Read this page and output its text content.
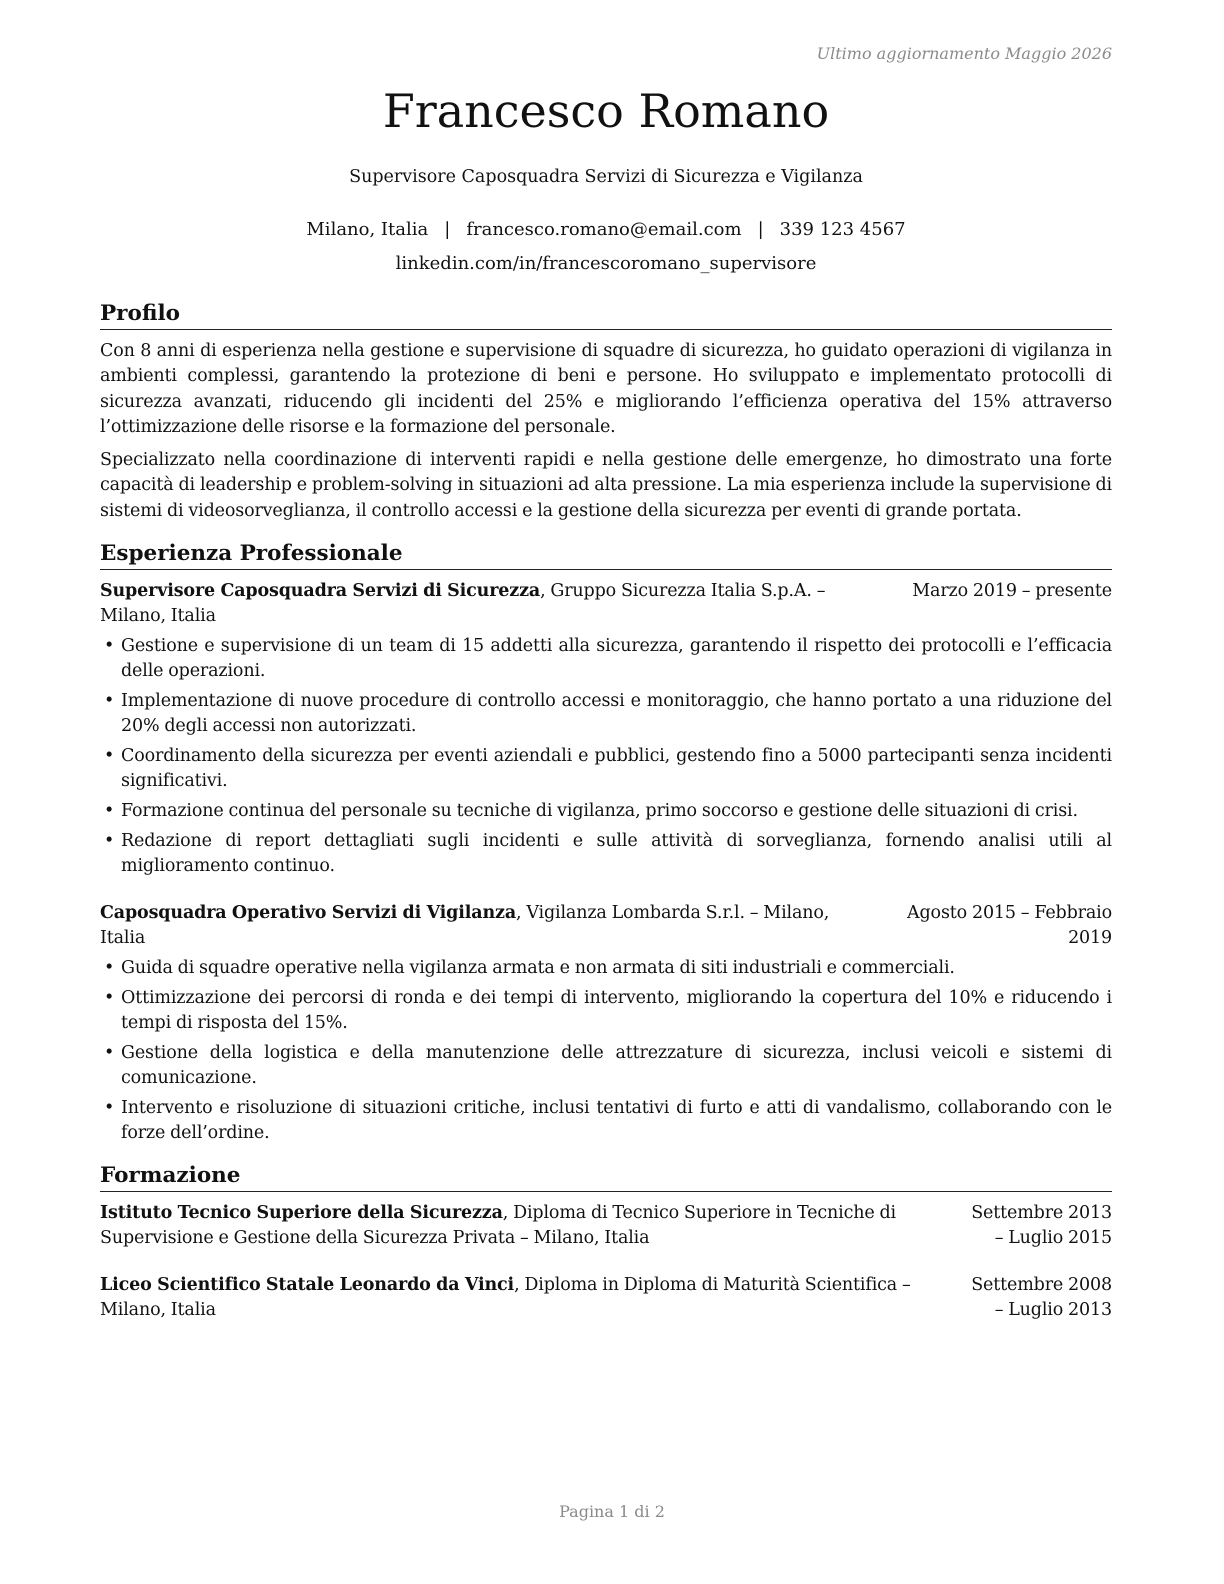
Ultimo aggiornamento Maggio 2026
Francesco Romano
Supervisore Caposquadra Servizi di Sicurezza e Vigilanza
Milano, Italia | francesco.romano@email.com | 339 123 4567
linkedin.com/in/francescoromano_supervisore
Profilo

Con 8 anni di esperienza nella gestione e supervisione di squadre di sicurezza, ho guidato operazioni di vigilanza in ambienti complessi, garantendo la protezione di beni e persone. Ho sviluppato e implementato protocolli di sicurezza avanzati, riducendo gli incidenti del 25% e migliorando l’efficienza operativa del 15% attraverso l’ottimizzazione delle risorse e la formazione del personale.

Specializzato nella coordinazione di interventi rapidi e nella gestione delle emergenze, ho dimostrato una forte capacità di leadership e problem-solving in situazioni ad alta pressione. La mia esperienza include la supervisione di sistemi di videosorveglianza, il controllo accessi e la gestione della sicurezza per eventi di grande portata.

Esperienza Professionale
Supervisore Caposquadra Servizi di Sicurezza, Gruppo Sicurezza Italia S.p.A. – Milano, Italia
Marzo 2019 – presente
• Gestione e supervisione di un team di 15 addetti alla sicurezza, garantendo il rispetto dei protocolli e l’efficacia delle operazioni.
• Implementazione di nuove procedure di controllo accessi e monitoraggio, che hanno portato a una riduzione del 20% degli accessi non autorizzati.
• Coordinamento della sicurezza per eventi aziendali e pubblici, gestendo fino a 5000 partecipanti senza incidenti significativi.
• Formazione continua del personale su tecniche di vigilanza, primo soccorso e gestione delle situazioni di crisi.
• Redazione di report dettagliati sugli incidenti e sulle attività di sorveglianza, fornendo analisi utili al miglioramento continuo.
Caposquadra Operativo Servizi di Vigilanza, Vigilanza Lombarda S.r.l. – Milano, Italia
Agosto 2015 – Febbraio 2019
• Guida di squadre operative nella vigilanza armata e non armata di siti industriali e commerciali.
• Ottimizzazione dei percorsi di ronda e dei tempi di intervento, migliorando la copertura del 10% e riducendo i tempi di risposta del 15%.
• Gestione della logistica e della manutenzione delle attrezzature di sicurezza, inclusi veicoli e sistemi di comunicazione.
• Intervento e risoluzione di situazioni critiche, inclusi tentativi di furto e atti di vandalismo, collaborando con le forze dell’ordine.
Formazione
Istituto Tecnico Superiore della Sicurezza, Diploma di Tecnico Superiore in Tecniche di Supervisione e Gestione della Sicurezza Privata – Milano, Italia
Settembre 2013 – Luglio 2015
Liceo Scientifico Statale Leonardo da Vinci, Diploma in Diploma di Maturità Scientifica – Milano, Italia
Settembre 2008 – Luglio 2013
Pagina 1 di 2
